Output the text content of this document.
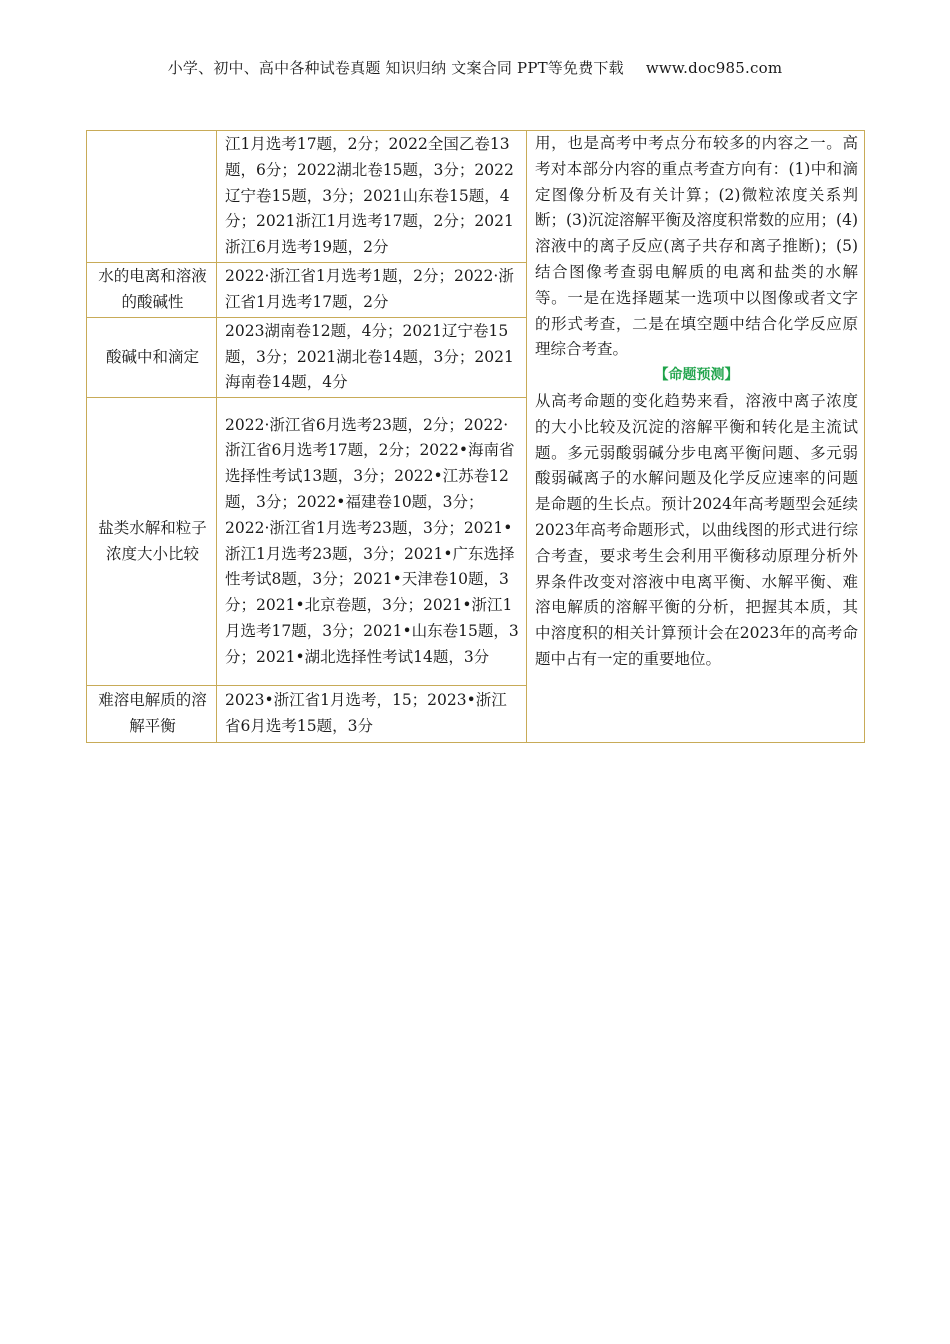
小学、初中、高中各种试卷真题 知识归纳 文案合同 PPT等免费下载 www.doc985.com
	江1月选考17题，2分；2022全国乙卷13题，6分；2022湖北卷15题，3分；2022辽宁卷15题，3分；2021山东卷15题，4分；2021浙江1月选考17题，2分；2021浙江6月选考19题，2分	用，也是高考中考点分布较多的内容之一。高考对本部分内容的重点考查方向有：(1)中和滴定图像分析及有关计算；(2)微粒浓度关系判断；(3)沉淀溶解平衡及溶度积常数的应用；(4)溶液中的离子反应(离子共存和离子推断)；(5)结合图像考查弱电解质的电离和盐类的水解等。一是在选择题某一选项中以图像或者文字的形式考查，二是在填空题中结合化学反应原理综合考查。

【命题预测】

从高考命题的变化趋势来看，溶液中离子浓度的大小比较及沉淀的溶解平衡和转化是主流试题。多元弱酸弱碱分步电离平衡问题、多元弱酸弱碱离子的水解问题及化学反应速率的问题是命题的生长点。预计2024年高考题型会延续2023年高考命题形式，以曲线图的形式进行综合考查，要求考生会利用平衡移动原理分析外界条件改变对溶液中电离平衡、水解平衡、难溶电解质的溶解平衡的分析，把握其本质，其中溶度积的相关计算预计会在2023年的高考命题中占有一定的重要地位。

水的电离和溶液的酸碱性	2022·浙江省1月选考1题，2分；2022·浙江省1月选考17题，2分	
酸碱中和滴定	2023湖南卷12题，4分；2021辽宁卷15题，3分；2021湖北卷14题，3分；2021海南卷14题，4分	
盐类水解和粒子浓度大小比较	2022·浙江省6月选考23题，2分；2022·浙江省6月选考17题，2分；2022•海南省选择性考试13题，3分；2022•江苏卷12题，3分；2022•福建卷10题，3分；2022·浙江省1月选考23题，3分；2021•浙江1月选考23题，3分；2021•广东选择性考试8题，3分；2021•天津卷10题，3分；2021•北京卷题，3分；2021•浙江1月选考17题，3分；2021•山东卷15题，3分；2021•湖北选择性考试14题，3分	
难溶电解质的溶解平衡	2023•浙江省1月选考，15；2023•浙江省6月选考15题，3分	
